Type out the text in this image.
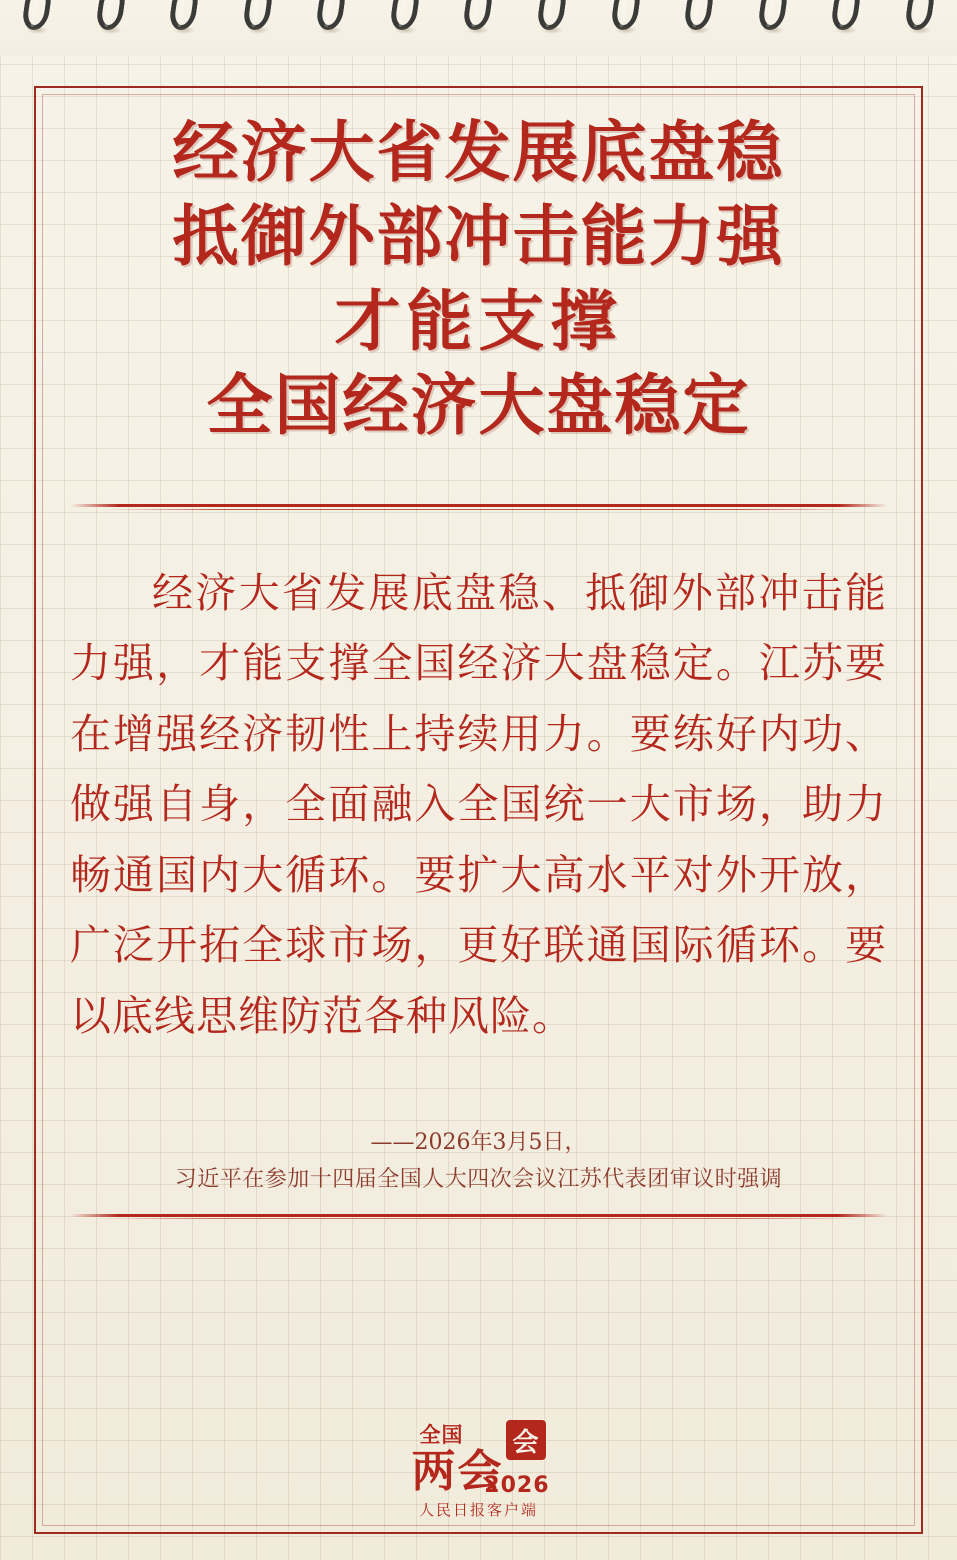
经济大省发展底盘稳
抵御外部冲击能力强
才能支撑
全国经济大盘稳定
经济大省发展底盘稳、抵御外部冲击能力强，才能支撑全国经济大盘稳定。江苏要在增强经济韧性上持续用力。要练好内功、做强自身，全面融入全国统一大市场，助力畅通国内大循环。要扩大高水平对外开放，广泛开拓全球市场，更好联通国际循环。要以底线思维防范各种风险。
——2026年3月5日，
习近平在参加十四届全国人大四次会议江苏代表团审议时强调
全国 会
两会
2026
人民日报客户端
